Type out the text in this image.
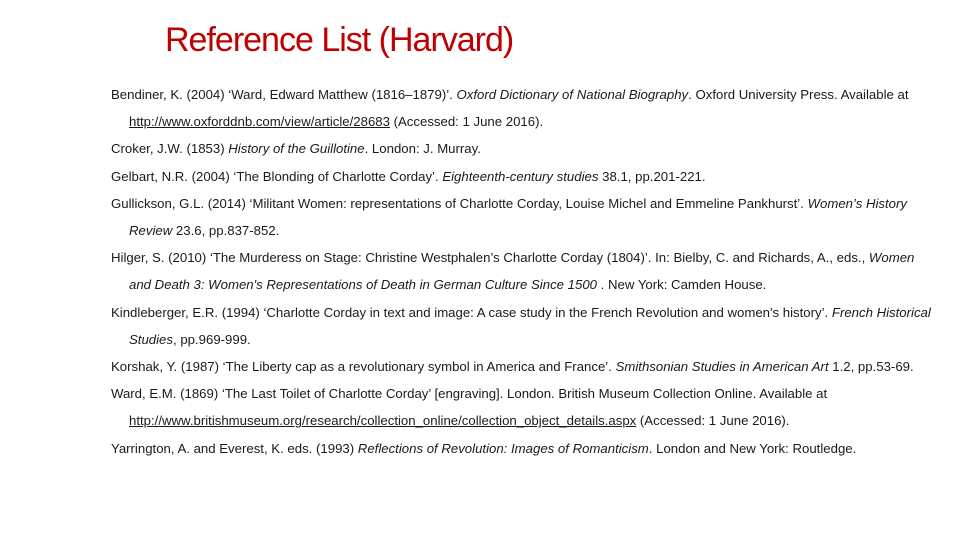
Reference List (Harvard)
Bendiner, K. (2004) ‘Ward, Edward Matthew (1816–1879)’. Oxford Dictionary of National Biography. Oxford University Press. Available at http://www.oxforddnb.com/view/article/28683 (Accessed: 1 June 2016).
Croker, J.W. (1853) History of the Guillotine. London: J. Murray.
Gelbart, N.R. (2004) ‘The Blonding of Charlotte Corday’. Eighteenth-century studies 38.1, pp.201-221.
Gullickson, G.L. (2014) ‘Militant Women: representations of Charlotte Corday, Louise Michel and Emmeline Pankhurst’. Women’s History Review 23.6, pp.837-852.
Hilger, S. (2010) ‘The Murderess on Stage: Christine Westphalen’s Charlotte Corday (1804)’. In: Bielby, C. and Richards, A., eds., Women and Death 3: Women's Representations of Death in German Culture Since 1500 . New York: Camden House.
Kindleberger, E.R. (1994) ‘Charlotte Corday in text and image: A case study in the French Revolution and women's history’. French Historical Studies, pp.969-999.
Korshak, Y. (1987) ‘The Liberty cap as a revolutionary symbol in America and France’. Smithsonian Studies in American Art 1.2, pp.53-69.
Ward, E.M. (1869) ‘The Last Toilet of Charlotte Corday’ [engraving]. London. British Museum Collection Online. Available at http://www.britishmuseum.org/research/collection_online/collection_object_details.aspx (Accessed: 1 June 2016).
Yarrington, A. and Everest, K. eds. (1993) Reflections of Revolution: Images of Romanticism. London and New York: Routledge.
